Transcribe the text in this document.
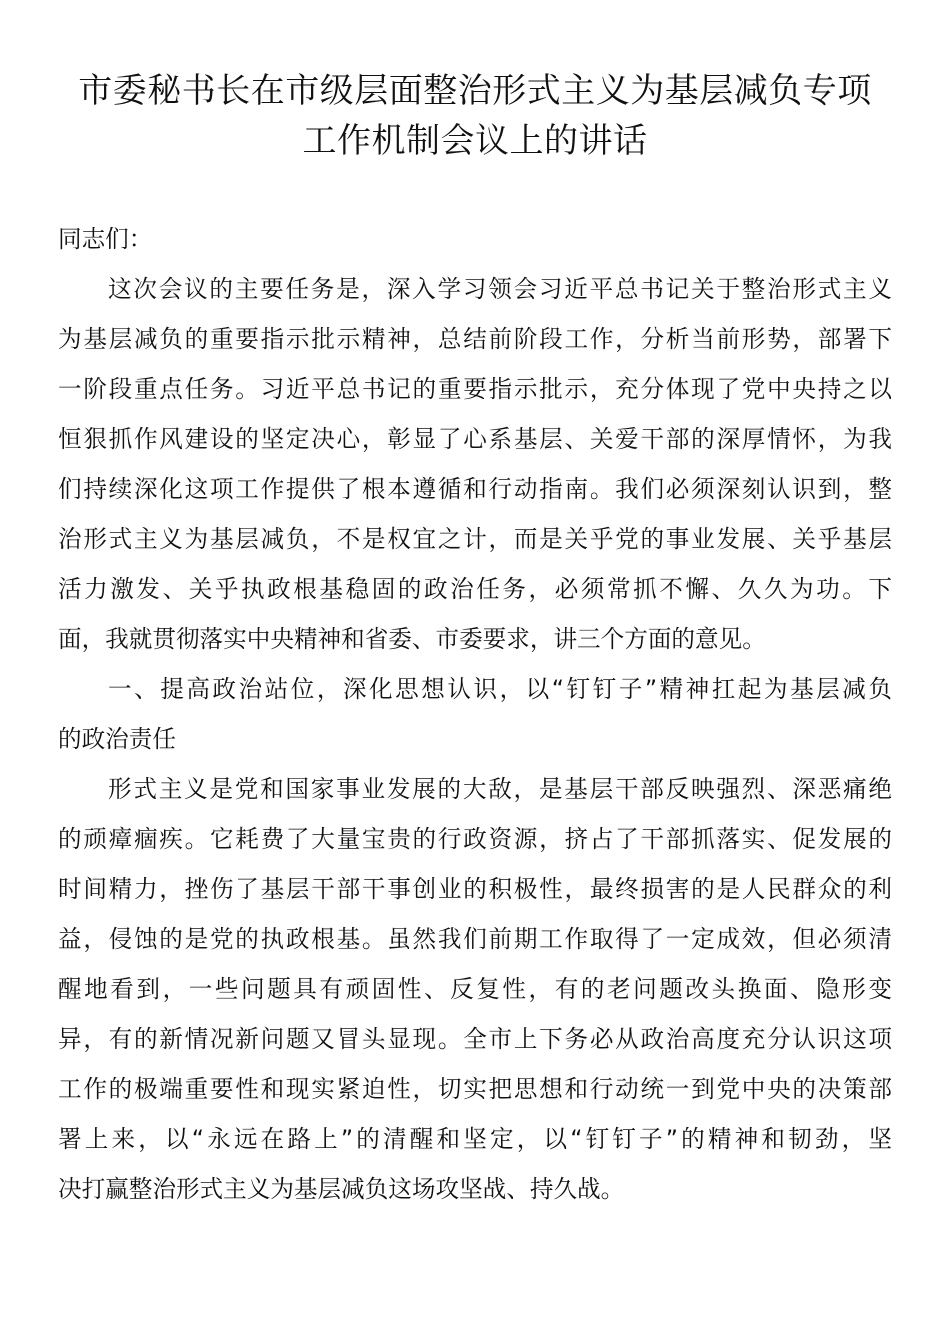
市委秘书长在市级层面整治形式主义为基层减负专项
工作机制会议上的讲话
同志们：
这次会议的主要任务是，深入学习领会习近平总书记关于整治形式主义
为基层减负的重要指示批示精神，总结前阶段工作，分析当前形势，部署下
一阶段重点任务。习近平总书记的重要指示批示，充分体现了党中央持之以
恒狠抓作风建设的坚定决心，彰显了心系基层、关爱干部的深厚情怀，为我
们持续深化这项工作提供了根本遵循和行动指南。我们必须深刻认识到，整
治形式主义为基层减负，不是权宜之计，而是关乎党的事业发展、关乎基层
活力激发、关乎执政根基稳固的政治任务，必须常抓不懈、久久为功。下
面，我就贯彻落实中央精神和省委、市委要求，讲三个方面的意见。
一、提高政治站位，深化思想认识，以“钉钉子”精神扛起为基层减负
的政治责任
形式主义是党和国家事业发展的大敌，是基层干部反映强烈、深恶痛绝
的顽瘴痼疾。它耗费了大量宝贵的行政资源，挤占了干部抓落实、促发展的
时间精力，挫伤了基层干部干事创业的积极性，最终损害的是人民群众的利
益，侵蚀的是党的执政根基。虽然我们前期工作取得了一定成效，但必须清
醒地看到，一些问题具有顽固性、反复性，有的老问题改头换面、隐形变
异，有的新情况新问题又冒头显现。全市上下务必从政治高度充分认识这项
工作的极端重要性和现实紧迫性，切实把思想和行动统一到党中央的决策部
署上来，以“永远在路上”的清醒和坚定，以“钉钉子”的精神和韧劲，坚
决打赢整治形式主义为基层减负这场攻坚战、持久战。
